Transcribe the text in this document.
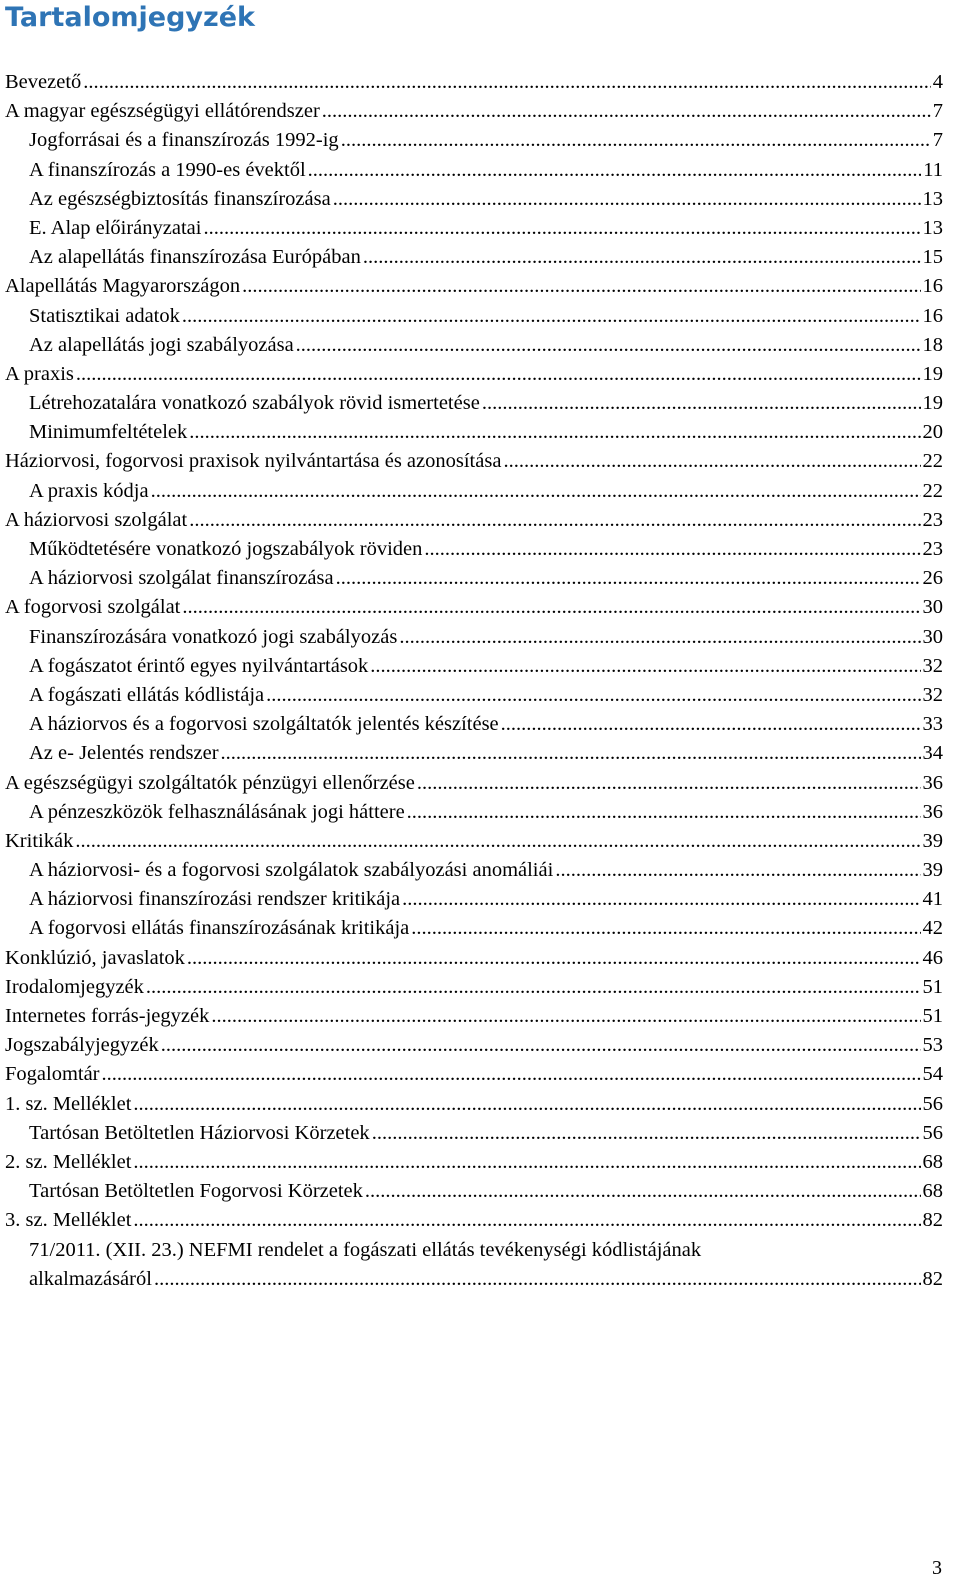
Tartalomjegyzék
Bevezető .....	4
A magyar egészségügyi ellátórendszer .....	7
Jogforrásai és a finanszírozás 1992-ig .....	7
A finanszírozás a 1990-es évektől .....	11
Az egészségbiztosítás finanszírozása .....	13
E. Alap előirányzatai .....	13
Az alapellátás finanszírozása Európában .....	15
Alapellátás Magyarországon .....	16
Statisztikai adatok .....	16
Az alapellátás jogi szabályozása .....	18
A praxis .....	19
Létrehozatalára vonatkozó szabályok rövid ismertetése .....	19
Minimumfeltételek .....	20
Háziorvosi, fogorvosi praxisok nyilvántartása és azonosítása .....	22
A praxis kódja .....	22
A háziorvosi szolgálat .....	23
Működtetésére vonatkozó jogszabályok röviden .....	23
A háziorvosi szolgálat finanszírozása .....	26
A fogorvosi szolgálat .....	30
Finanszírozására vonatkozó jogi szabályozás .....	30
A fogászatot érintő egyes nyilvántartások .....	32
A fogászati ellátás kódlistája .....	32
A háziorvos és a fogorvosi szolgáltatók jelentés készítése .....	33
Az e- Jelentés rendszer .....	34
A egészségügyi szolgáltatók pénzügyi ellenőrzése .....	36
A pénzeszközök felhasználásának jogi háttere .....	36
Kritikák .....	39
A háziorvosi- és a fogorvosi szolgálatok szabályozási anomáliái .....	39
A háziorvosi finanszírozási rendszer kritikája .....	41
A fogorvosi ellátás finanszírozásának kritikája .....	42
Konklúzió, javaslatok .....	46
Irodalomjegyzék .....	51
Internetes forrás-jegyzék .....	51
Jogszabályjegyzék .....	53
Fogalomtár .....	54
1. sz. Melléklet .....	56
Tartósan Betöltetlen Háziorvosi Körzetek .....	56
2. sz. Melléklet .....	68
Tartósan Betöltetlen Fogorvosi Körzetek .....	68
3. sz. Melléklet .....	82
71/2011. (XII. 23.) NEFMI rendelet a fogászati ellátás tevékenységi kódlistájának
alkalmazásáról .....	82
3
